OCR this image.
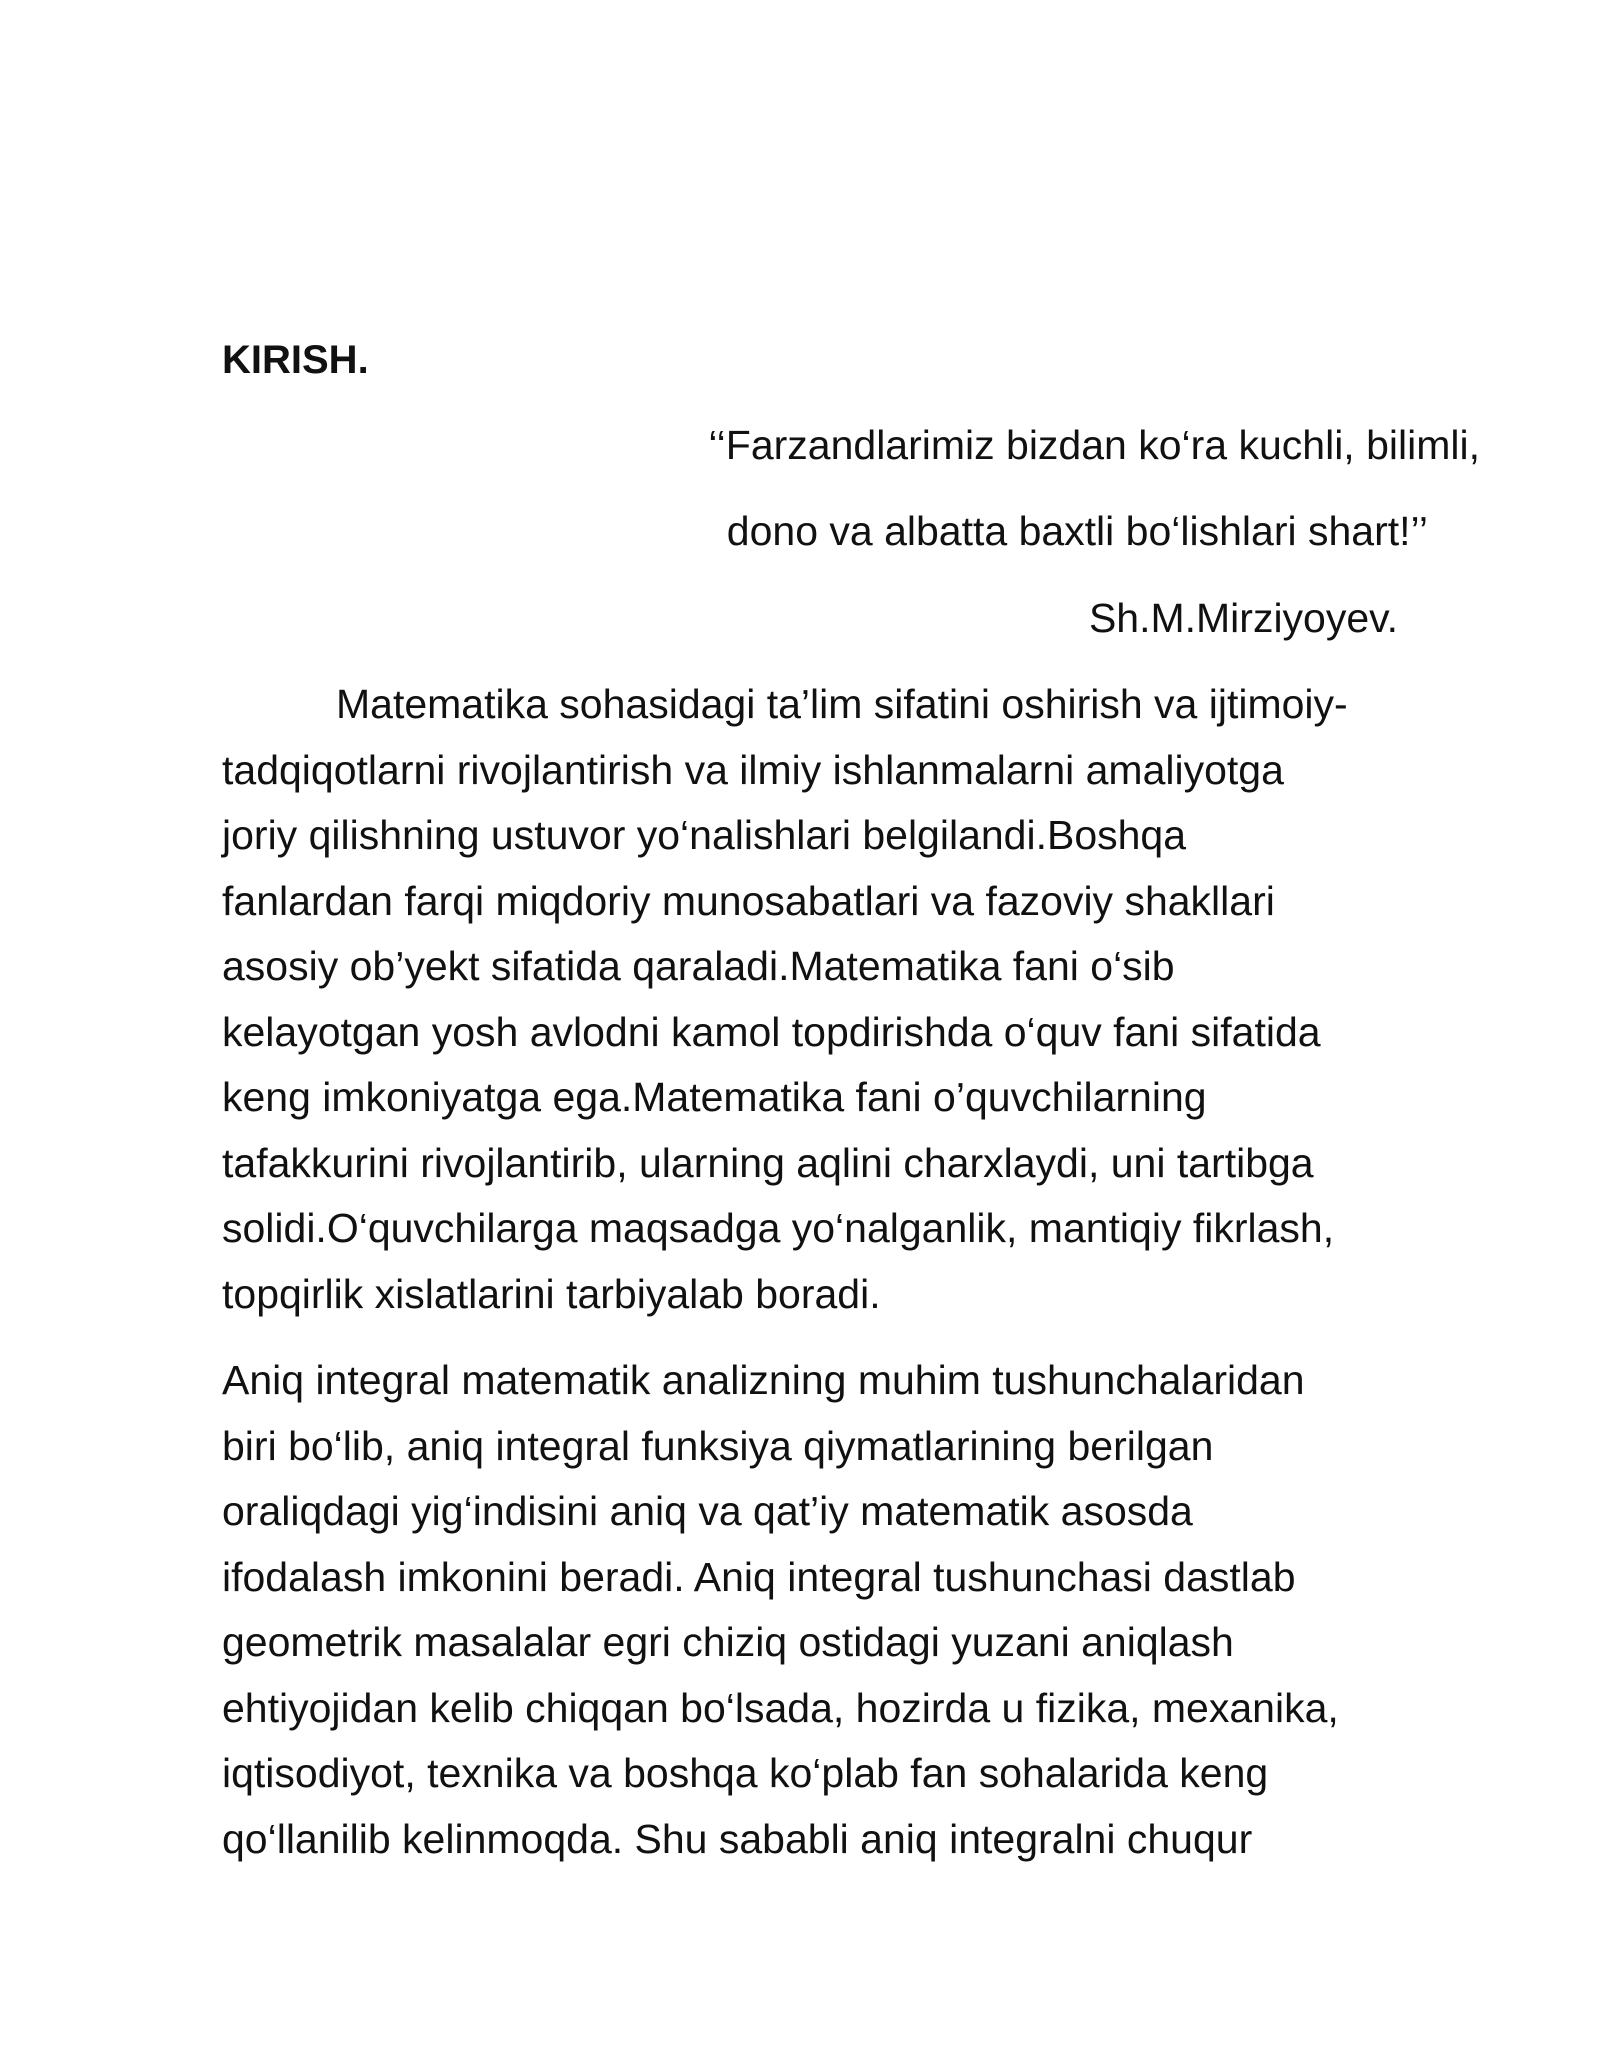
KIRISH.

‘‘Farzandlarimiz bizdan ko‘ra kuchli, bilimli,

dono va albatta baxtli bo‘lishlari shart!’’

Sh.M.Mirziyoyev.

Matematika sohasidagi ta’lim sifatini oshirish va ijtimoiy-
tadqiqotlarni rivojlantirish va ilmiy ishlanmalarni amaliyotga
joriy qilishning ustuvor yo‘nalishlari belgilandi.Boshqa
fanlardan farqi miqdoriy munosabatlari va fazoviy shakllari
asosiy ob’yekt sifatida qaraladi.Matematika fani o‘sib
kelayotgan yosh avlodni kamol topdirishda o‘quv fani sifatida
keng imkoniyatga ega.Matematika fani o’quvchilarning
tafakkurini rivojlantirib, ularning aqlini charxlaydi, uni tartibga
solidi.O‘quvchilarga maqsadga yo‘nalganlik, mantiqiy fikrlash,
topqirlik xislatlarini tarbiyalab boradi.
Aniq integral matematik analizning muhim tushunchalaridan
biri bo‘lib, aniq integral funksiya qiymatlarining berilgan
oraliqdagi yig‘indisini aniq va qat’iy matematik asosda
ifodalash imkonini beradi. Aniq integral tushunchasi dastlab
geometrik masalalar egri chiziq ostidagi yuzani aniqlash
ehtiyojidan kelib chiqqan bo‘lsada, hozirda u fizika, mexanika,
iqtisodiyot, texnika va boshqa ko‘plab fan sohalarida keng
qo‘llanilib kelinmoqda. Shu sababli aniq integralni chuqur
